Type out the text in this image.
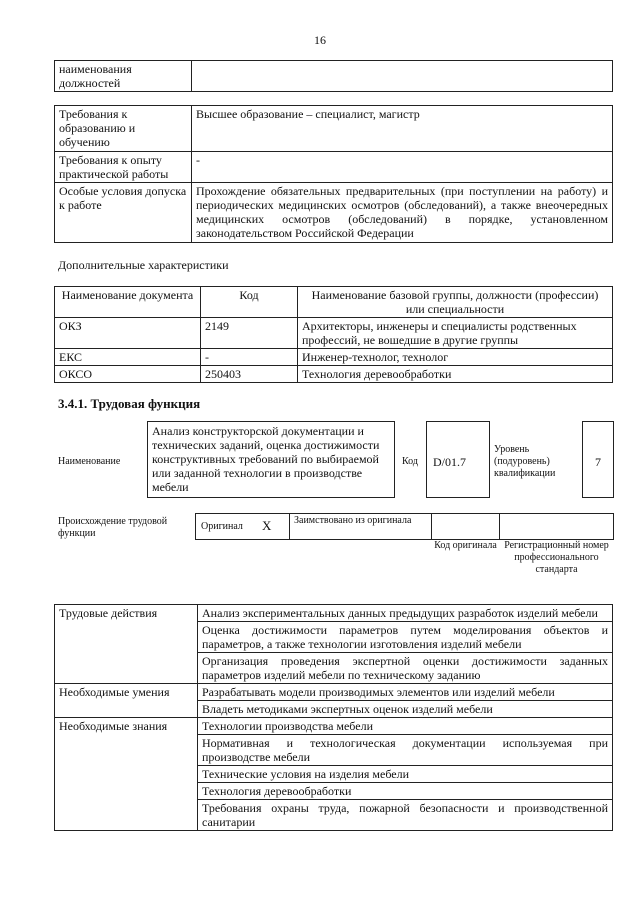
16
наименования должностей	
Требования к образованию и обучению	Высшее образование – специалист, магистр
Требования к опыту практической работы	-
Особые условия допуска к работе	Прохождение обязательных предварительных (при поступлении на работу) и периодических медицинских осмотров (обследований), а также внеочередных медицинских осмотров (обследований) в порядке, установленном законодательством Российской Федерации
Дополнительные характеристики
Наименование документа	Код	Наименование базовой группы, должности (профессии) или специальности
ОКЗ	2149	Архитекторы, инженеры и специалисты родственных профессий, не вошедшие в другие группы
ЕКС	-	Инженер-технолог, технолог
ОКСО	250403	Технология деревообработки
3.4.1. Трудовая функция
Наименование
Анализ конструкторской документации и технических заданий, оценка достижимости конструктивных требований по выбираемой или заданной технологии в производстве мебели
Код	D/01.7
Уровень (подуровень) квалификации
7
Происхождение трудовой функции
Оригинал X	Заимствовано из оригинала
Код оригинала Регистрационный номер профессионального стандарта
Трудовые действия	Анализ экспериментальных данных предыдущих разработок изделий мебели
	Оценка достижимости параметров путем моделирования объектов и параметров, а также технологии изготовления изделий мебели
	Организация проведения экспертной оценки достижимости заданных параметров изделий мебели по техническому заданию
Необходимые умения	Разрабатывать модели производимых элементов или изделий мебели
	Владеть методиками экспертных оценок изделий мебели
Необходимые знания	Технологии производства мебели
	Нормативная и технологическая документации используемая при производстве мебели
	Технические условия на изделия мебели
	Технология деревообработки
	Требования охраны труда, пожарной безопасности и производственной санитарии
